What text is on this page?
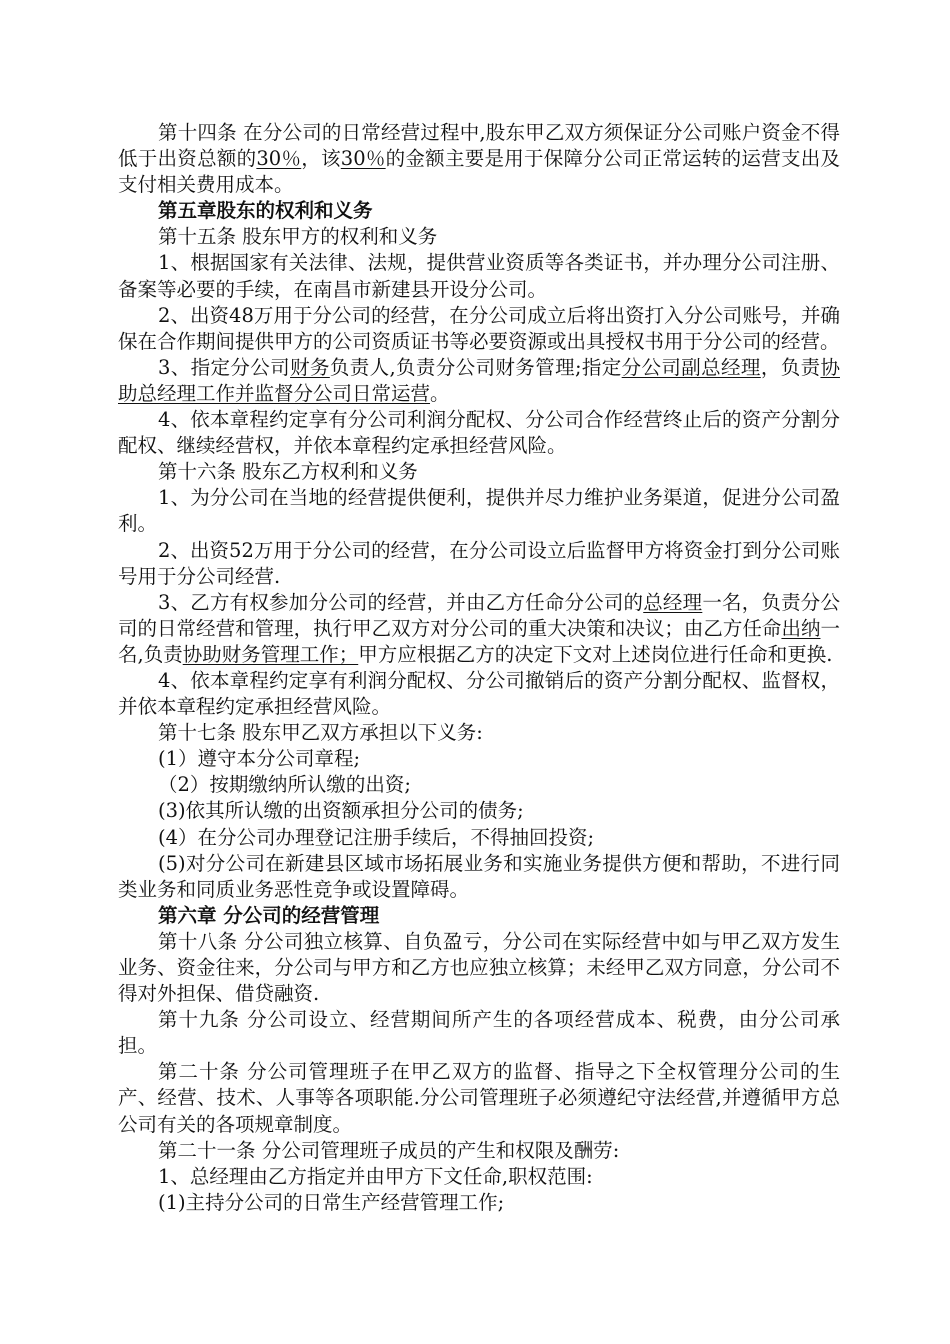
第十四条 在分公司的日常经营过程中,股东甲乙双方须保证分公司账户资金不得低于出资总额的30％，该30％的金额主要是用于保障分公司正常运转的运营支出及支付相关费用成本。

第五章股东的权利和义务

第十五条 股东甲方的权利和义务

1、根据国家有关法律、法规，提供营业资质等各类证书，并办理分公司注册、备案等必要的手续，在南昌市新建县开设分公司。

2、出资48万用于分公司的经营，在分公司成立后将出资打入分公司账号，并确保在合作期间提供甲方的公司资质证书等必要资源或出具授权书用于分公司的经营。

3、指定分公司财务负责人,负责分公司财务管理;指定分公司副总经理，负责协助总经理工作并监督分公司日常运营。

4、依本章程约定享有分公司利润分配权、分公司合作经营终止后的资产分割分配权、继续经营权，并依本章程约定承担经营风险。

第十六条 股东乙方权利和义务

1、为分公司在当地的经营提供便利，提供并尽力维护业务渠道，促进分公司盈利。

2、出资52万用于分公司的经营，在分公司设立后监督甲方将资金打到分公司账号用于分公司经营.

3、乙方有权参加分公司的经营，并由乙方任命分公司的总经理一名，负责分公司的日常经营和管理，执行甲乙双方对分公司的重大决策和决议；由乙方任命出纳一名,负责协助财务管理工作；甲方应根据乙方的决定下文对上述岗位进行任命和更换.

4、依本章程约定享有利润分配权、分公司撤销后的资产分割分配权、监督权，并依本章程约定承担经营风险。

第十七条 股东甲乙双方承担以下义务:

(1）遵守本分公司章程;

（2）按期缴纳所认缴的出资;

(3)依其所认缴的出资额承担分公司的债务;

(4）在分公司办理登记注册手续后，不得抽回投资;

(5)对分公司在新建县区域市场拓展业务和实施业务提供方便和帮助，不进行同类业务和同质业务恶性竞争或设置障碍。

第六章 分公司的经营管理

第十八条 分公司独立核算、自负盈亏，分公司在实际经营中如与甲乙双方发生业务、资金往来，分公司与甲方和乙方也应独立核算；未经甲乙双方同意，分公司不得对外担保、借贷融资.

第十九条 分公司设立、经营期间所产生的各项经营成本、税费，由分公司承担。

第二十条 分公司管理班子在甲乙双方的监督、指导之下全权管理分公司的生产、经营、技术、人事等各项职能.分公司管理班子必须遵纪守法经营,并遵循甲方总公司有关的各项规章制度。

第二十一条 分公司管理班子成员的产生和权限及酬劳:

1、总经理由乙方指定并由甲方下文任命,职权范围:

(1)主持分公司的日常生产经营管理工作;
